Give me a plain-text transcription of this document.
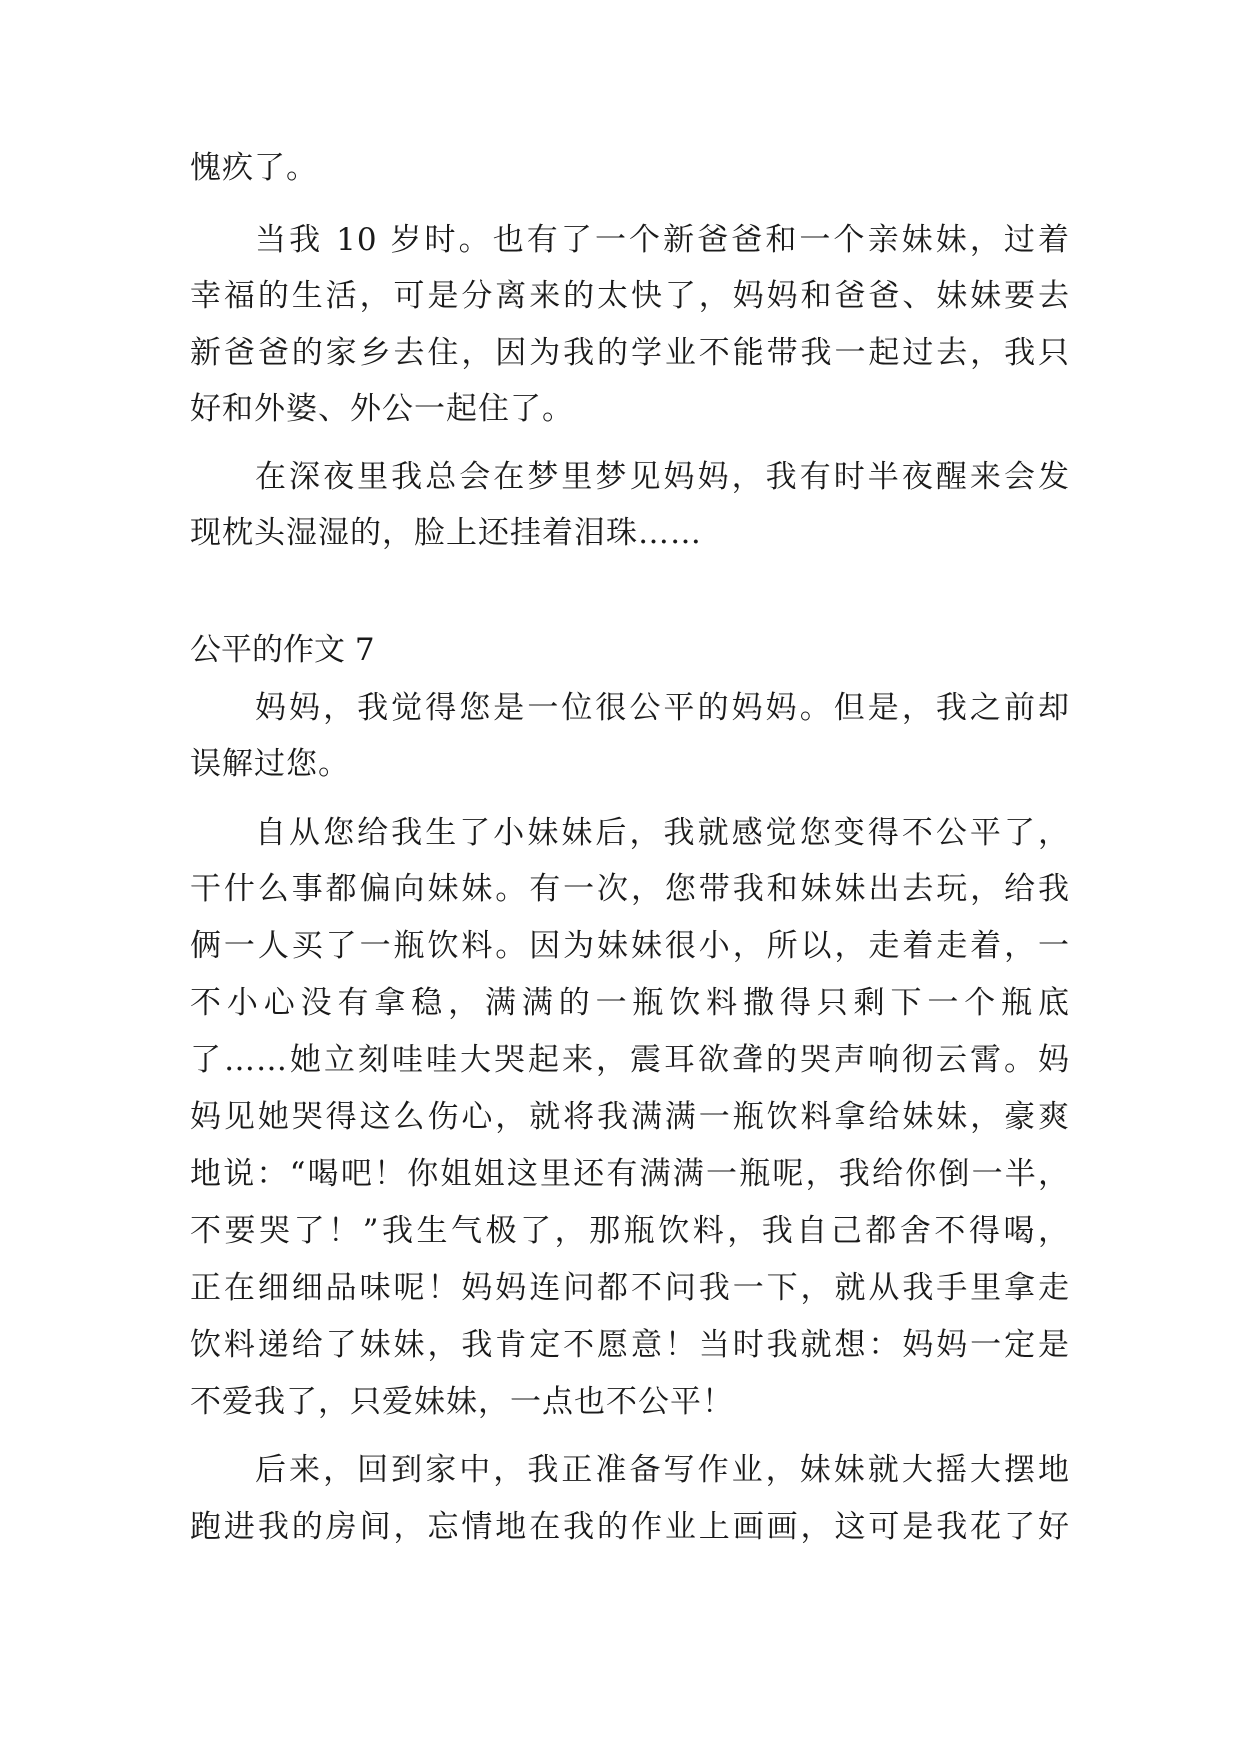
愧疚了。
当我 10 岁时。也有了一个新爸爸和一个亲妹妹，过着
幸福的生活，可是分离来的太快了，妈妈和爸爸、妹妹要去
新爸爸的家乡去住，因为我的学业不能带我一起过去，我只
好和外婆、外公一起住了。
在深夜里我总会在梦里梦见妈妈，我有时半夜醒来会发
现枕头湿湿的，脸上还挂着泪珠……
公平的作文 7
妈妈，我觉得您是一位很公平的妈妈。但是，我之前却
误解过您。
自从您给我生了小妹妹后，我就感觉您变得不公平了，
干什么事都偏向妹妹。有一次，您带我和妹妹出去玩，给我
俩一人买了一瓶饮料。因为妹妹很小，所以，走着走着，一
不小心没有拿稳，满满的一瓶饮料撒得只剩下一个瓶底
了……她立刻哇哇大哭起来，震耳欲聋的哭声响彻云霄。妈
妈见她哭得这么伤心，就将我满满一瓶饮料拿给妹妹，豪爽
地说：“喝吧！你姐姐这里还有满满一瓶呢，我给你倒一半，
不要哭了！”我生气极了，那瓶饮料，我自己都舍不得喝，
正在细细品味呢！妈妈连问都不问我一下，就从我手里拿走
饮料递给了妹妹，我肯定不愿意！当时我就想：妈妈一定是
不爱我了，只爱妹妹，一点也不公平！
后来，回到家中，我正准备写作业，妹妹就大摇大摆地
跑进我的房间，忘情地在我的作业上画画，这可是我花了好
